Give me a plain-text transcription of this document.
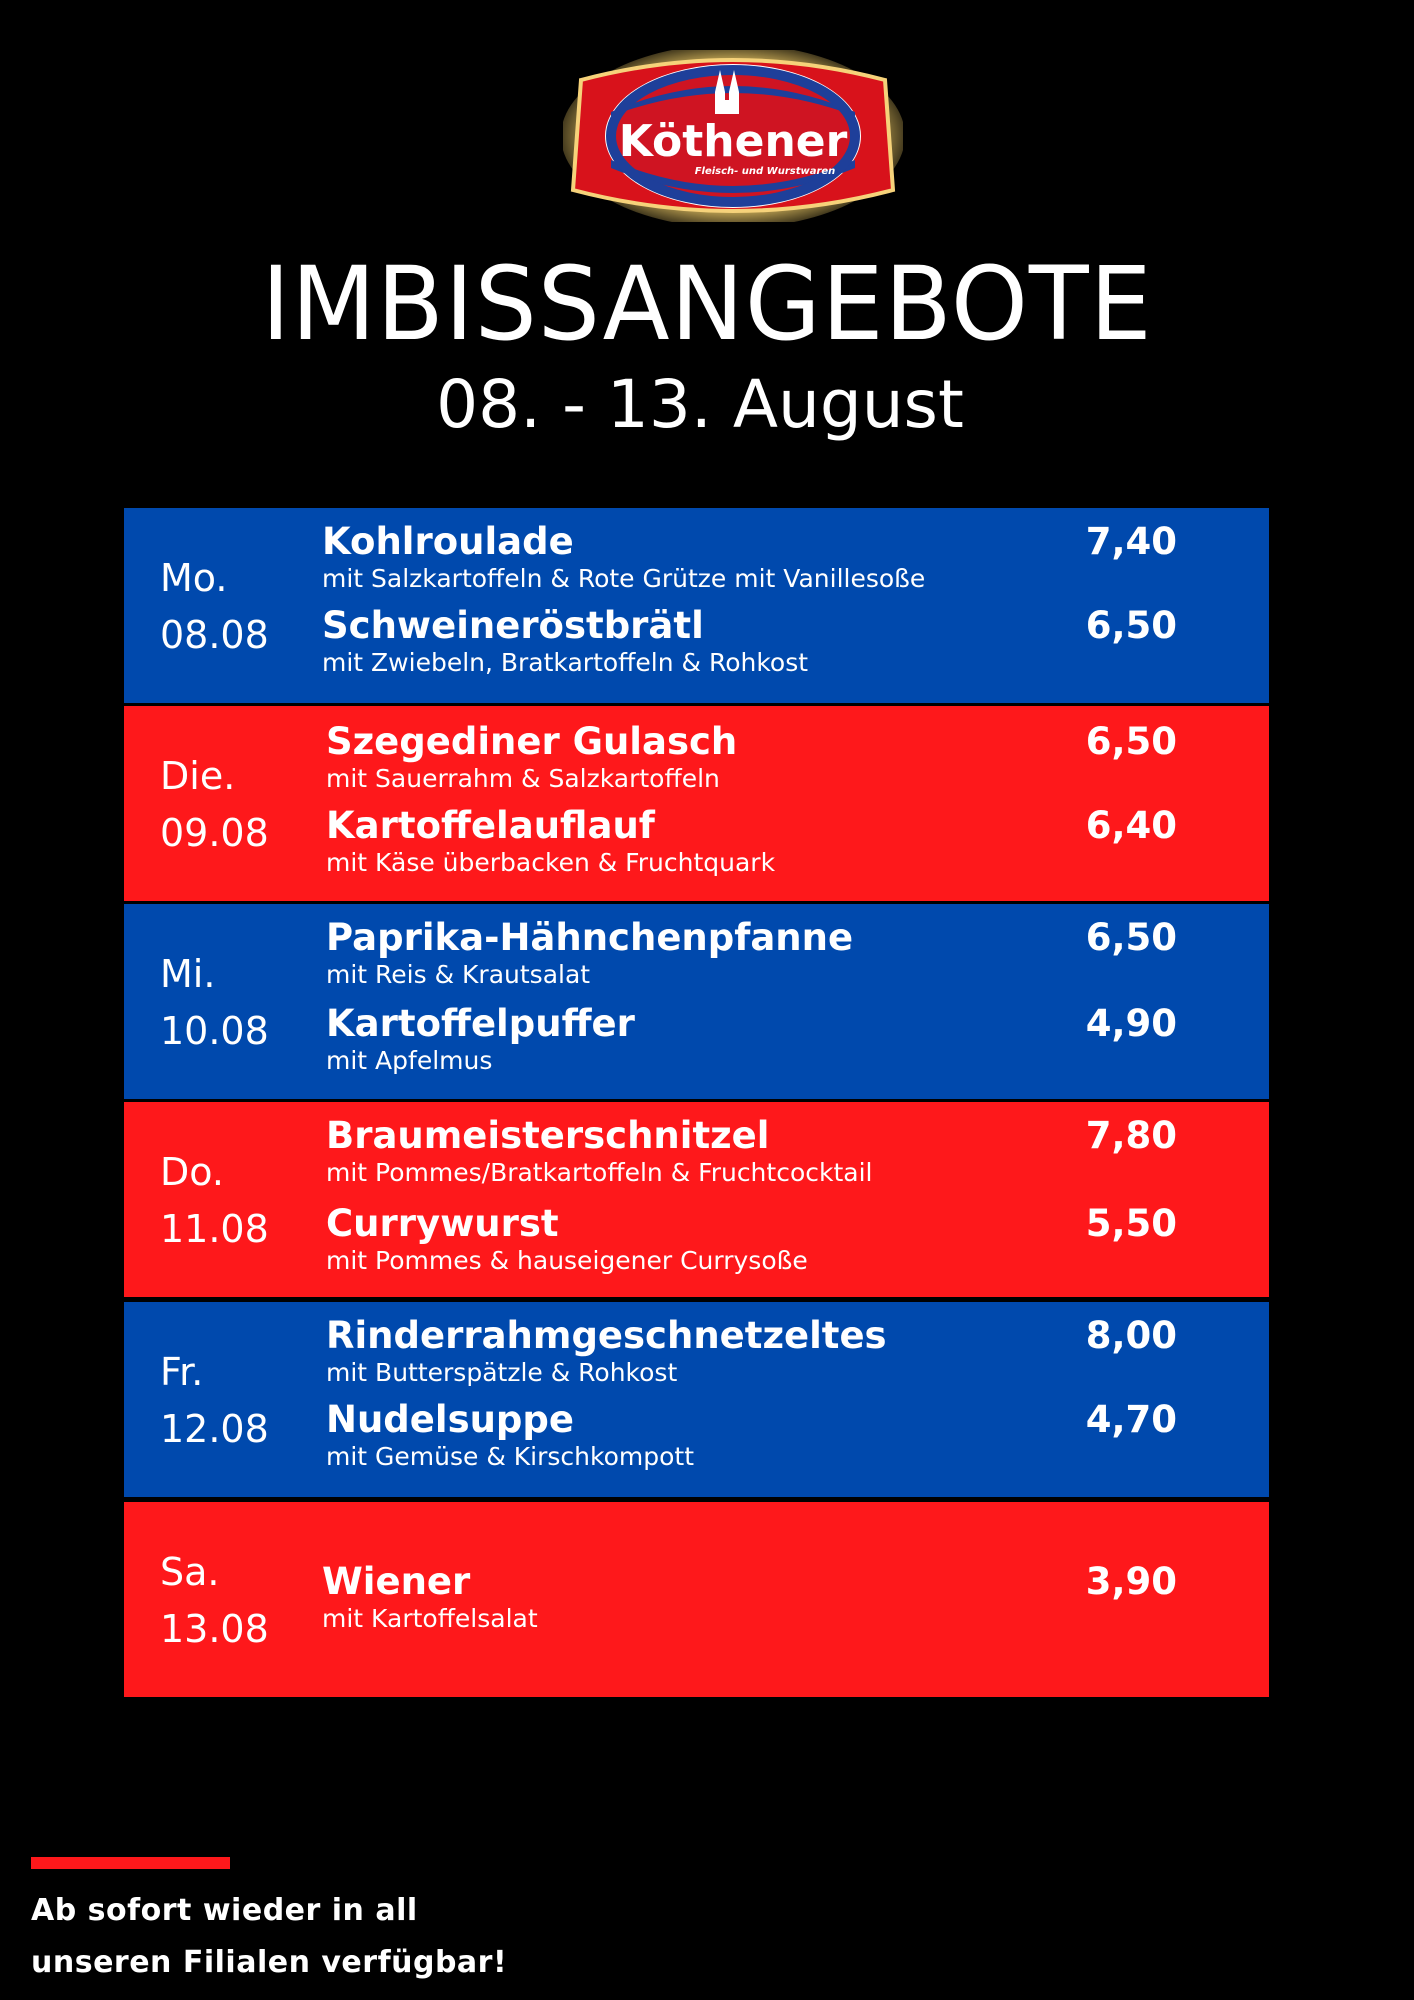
Köthener
Fleisch- und Wurstwaren
IMBISSANGEBOTE
08. - 13. August
Mo.
08.08
Kohlroulade
mit Salzkartoffeln & Rote Grütze mit Vanillesoße
7,40
Schweineröstbrätl
mit Zwiebeln, Bratkartoffeln & Rohkost
6,50
Die.
09.08
Szegediner Gulasch
mit Sauerrahm & Salzkartoffeln
6,50
Kartoffelauflauf
mit Käse überbacken & Fruchtquark
6,40
Mi.
10.08
Paprika-Hähnchenpfanne
mit Reis & Krautsalat
6,50
Kartoffelpuffer
mit Apfelmus
4,90
Do.
11.08
Braumeisterschnitzel
mit Pommes/Bratkartoffeln & Fruchtcocktail
7,80
Currywurst
mit Pommes & hauseigener Currysoße
5,50
Fr.
12.08
Rinderrahmgeschnetzeltes
mit Butterspätzle & Rohkost
8,00
Nudelsuppe
mit Gemüse & Kirschkompott
4,70
Sa.
13.08
Wiener
mit Kartoffelsalat
3,90
Ab sofort wieder in all
unseren Filialen verfügbar!
